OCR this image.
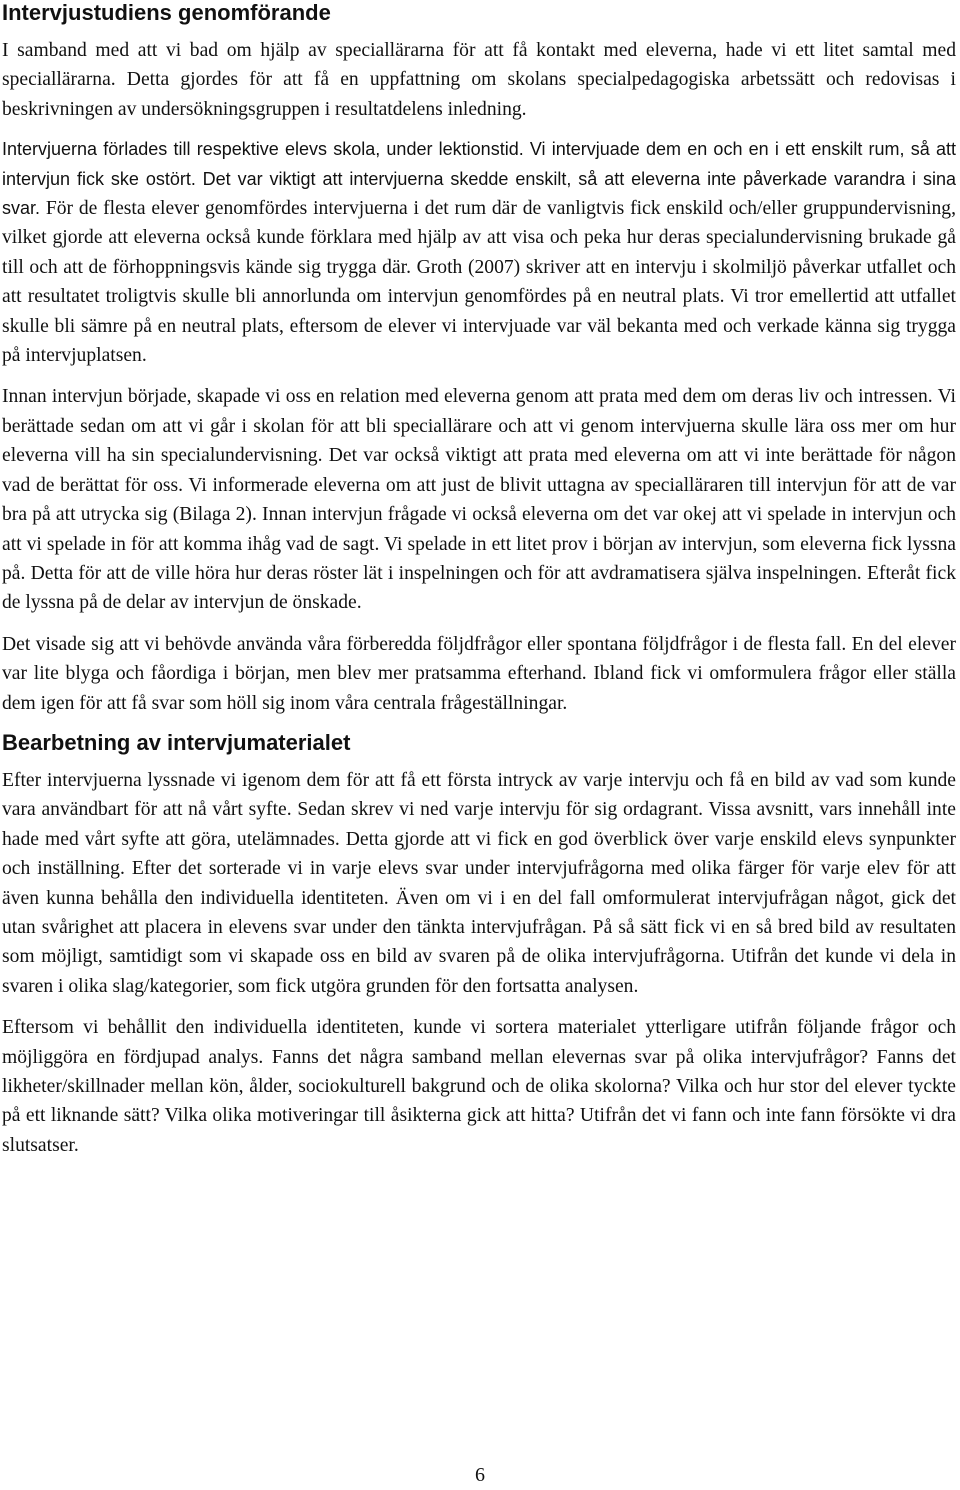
Intervjustudiens genomförande

I samband med att vi bad om hjälp av speciallärarna för att få kontakt med eleverna, hade vi ett litet samtal med speciallärarna. Detta gjordes för att få en uppfattning om skolans specialpedagogiska arbetssätt och redovisas i beskrivningen av undersökningsgruppen i resultatdelens inledning.

Intervjuerna förlades till respektive elevs skola, under lektionstid. Vi intervjuade dem en och en i ett enskilt rum, så att intervjun fick ske ostört. Det var viktigt att intervjuerna skedde enskilt, så att eleverna inte påverkade varandra i sina svar. För de flesta elever genomfördes intervjuerna i det rum där de vanligtvis fick enskild och/eller gruppundervisning, vilket gjorde att eleverna också kunde förklara med hjälp av att visa och peka hur deras specialundervisning brukade gå till och att de förhoppningsvis kände sig trygga där. Groth (2007) skriver att en intervju i skolmiljö påverkar utfallet och att resultatet troligtvis skulle bli annorlunda om intervjun genomfördes på en neutral plats. Vi tror emellertid att utfallet skulle bli sämre på en neutral plats, eftersom de elever vi intervjuade var väl bekanta med och verkade känna sig trygga på intervjuplatsen.

Innan intervjun började, skapade vi oss en relation med eleverna genom att prata med dem om deras liv och intressen. Vi berättade sedan om att vi går i skolan för att bli speciallärare och att vi genom intervjuerna skulle lära oss mer om hur eleverna vill ha sin specialundervisning. Det var också viktigt att prata med eleverna om att vi inte berättade för någon vad de berättat för oss. Vi informerade eleverna om att just de blivit uttagna av specialläraren till intervjun för att de var bra på att utrycka sig (Bilaga 2). Innan intervjun frågade vi också eleverna om det var okej att vi spelade in intervjun och att vi spelade in för att komma ihåg vad de sagt. Vi spelade in ett litet prov i början av intervjun, som eleverna fick lyssna på. Detta för att de ville höra hur deras röster lät i inspelningen och för att avdramatisera själva inspelningen. Efteråt fick de lyssna på de delar av intervjun de önskade.

Det visade sig att vi behövde använda våra förberedda följdfrågor eller spontana följdfrågor i de flesta fall. En del elever var lite blyga och fåordiga i början, men blev mer pratsamma efterhand. Ibland fick vi omformulera frågor eller ställa dem igen för att få svar som höll sig inom våra centrala frågeställningar.

Bearbetning av intervjumaterialet

Efter intervjuerna lyssnade vi igenom dem för att få ett första intryck av varje intervju och få en bild av vad som kunde vara användbart för att nå vårt syfte. Sedan skrev vi ned varje intervju för sig ordagrant. Vissa avsnitt, vars innehåll inte hade med vårt syfte att göra, utelämnades. Detta gjorde att vi fick en god överblick över varje enskild elevs synpunkter och inställning. Efter det sorterade vi in varje elevs svar under intervjufrågorna med olika färger för varje elev för att även kunna behålla den individuella identiteten. Även om vi i en del fall omformulerat intervjufrågan något, gick det utan svårighet att placera in elevens svar under den tänkta intervjufrågan. På så sätt fick vi en så bred bild av resultaten som möjligt, samtidigt som vi skapade oss en bild av svaren på de olika intervjufrågorna. Utifrån det kunde vi dela in svaren i olika slag/kategorier, som fick utgöra grunden för den fortsatta analysen.

Eftersom vi behållit den individuella identiteten, kunde vi sortera materialet ytterligare utifrån följande frågor och möjliggöra en fördjupad analys. Fanns det några samband mellan elevernas svar på olika intervjufrågor? Fanns det likheter/skillnader mellan kön, ålder, sociokulturell bakgrund och de olika skolorna? Vilka och hur stor del elever tyckte på ett liknande sätt? Vilka olika motiveringar till åsikterna gick att hitta? Utifrån det vi fann och inte fann försökte vi dra slutsatser.

6
